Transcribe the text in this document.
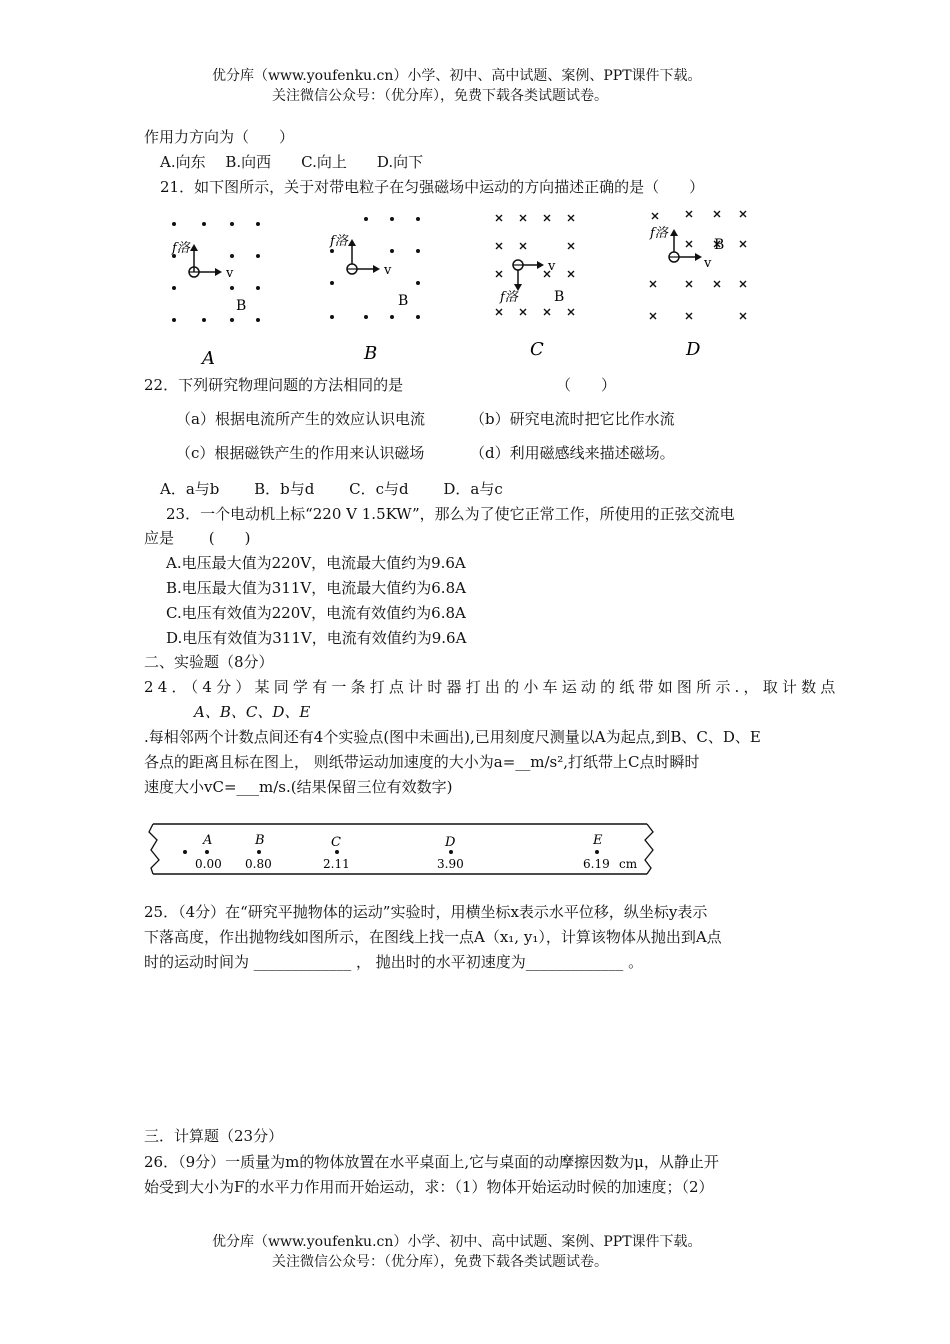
优分库（www.youfenku.cn）小学、初中、高中试题、案例、PPT课件下载。
关注微信公众号：（优分库），免费下载各类试题试卷。
作用力方向为（　　）
A.向东　 B.向西　　C.向上　　D.向下
21．如下图所示，关于对带电粒子在匀强磁场中运动的方向描述正确的是（　　）
f洛
v
B
A
f洛
v
B
B
v
f洛	B
C
f洛
v
B
D
22．下列研究物理问题的方法相同的是	（　　）
（a）根据电流所产生的效应认识电流	（b）研究电流时把它比作水流
（c）根据磁铁产生的作用来认识磁场	（d）利用磁感线来描述磁场。
A．a与b　　 B．b与d　　 C．c与d　　 D．a与c
23．一个电动机上标“220 V 1.5KW”，那么为了使它正常工作，所使用的正弦交流电
应是　　 (　　)
A.电压最大值为220V，电流最大值约为9.6A
B.电压最大值为311V，电流最大值约为6.8A
C.电压有效值为220V，电流有效值约为6.8A
D.电压有效值为311V，电流有效值约为9.6A
二、实验题（8分）
24．（4分）某同学有一条打点计时器打出的小车运动的纸带如图所示.，取计数点
A、B、C、D、E
.每相邻两个计数点间还有4个实验点(图中未画出),已用刻度尺测量以A为起点,到B、C、D、E
各点的距离且标在图上， 则纸带运动加速度的大小为a=__m/s²,打纸带上C点时瞬时
速度大小vC=___m/s.(结果保留三位有效数字)
A
0.00
B
0.80
C
2.11
D
3.90
E
6.19 cm
25．（4分）在“研究平抛物体的运动”实验时，用横坐标x表示水平位移，纵坐标y表示
下落高度，作出抛物线如图所示，在图线上找一点A（x₁, y₁），计算该物体从抛出到A点
时的运动时间为 _____________ ， 抛出时的水平初速度为_____________ 。
三．计算题（23分）
26．（9分）一质量为m的物体放置在水平桌面上,它与桌面的动摩擦因数为μ，从静止开
始受到大小为F的水平力作用而开始运动，求：（1）物体开始运动时候的加速度；（2）
优分库（www.youfenku.cn）小学、初中、高中试题、案例、PPT课件下载。
关注微信公众号：（优分库），免费下载各类试题试卷。
